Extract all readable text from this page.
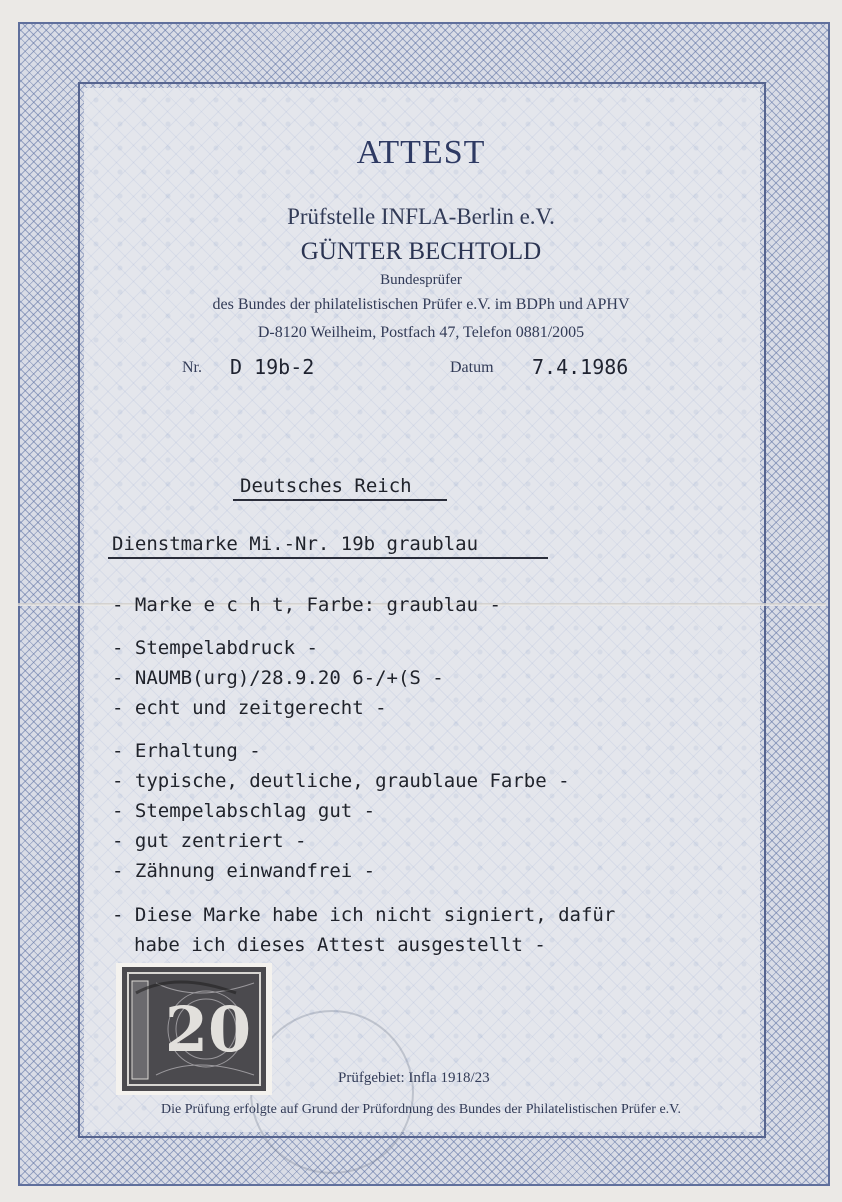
ATTEST
Prüfstelle INFLA-Berlin e.V.
GÜNTER BECHTOLD
Bundesprüfer
des Bundes der philatelistischen Prüfer e.V. im BDPh und APHV
D-8120 Weilheim, Postfach 47, Telefon 0881/2005
Nr. D 19b-2	Datum 7.4.1986
Deutsches Reich
Dienstmarke Mi.-Nr. 19b graublau
- Marke e c h t, Farbe: graublau -
- Stempelabdruck -
- NAUMB(urg)/28.9.20 6-/+(S -
- echt und zeitgerecht -
- Erhaltung -
- typische, deutliche, graublaue Farbe -
- Stempelabschlag gut -
- gut zentriert -
- Zähnung einwandfrei -
- Diese Marke habe ich nicht signiert, dafür
habe ich dieses Attest ausgestellt -
20
Prüfgebiet: Infla 1918/23
Die Prüfung erfolgte auf Grund der Prüfordnung des Bundes der Philatelistischen Prüfer e.V.
